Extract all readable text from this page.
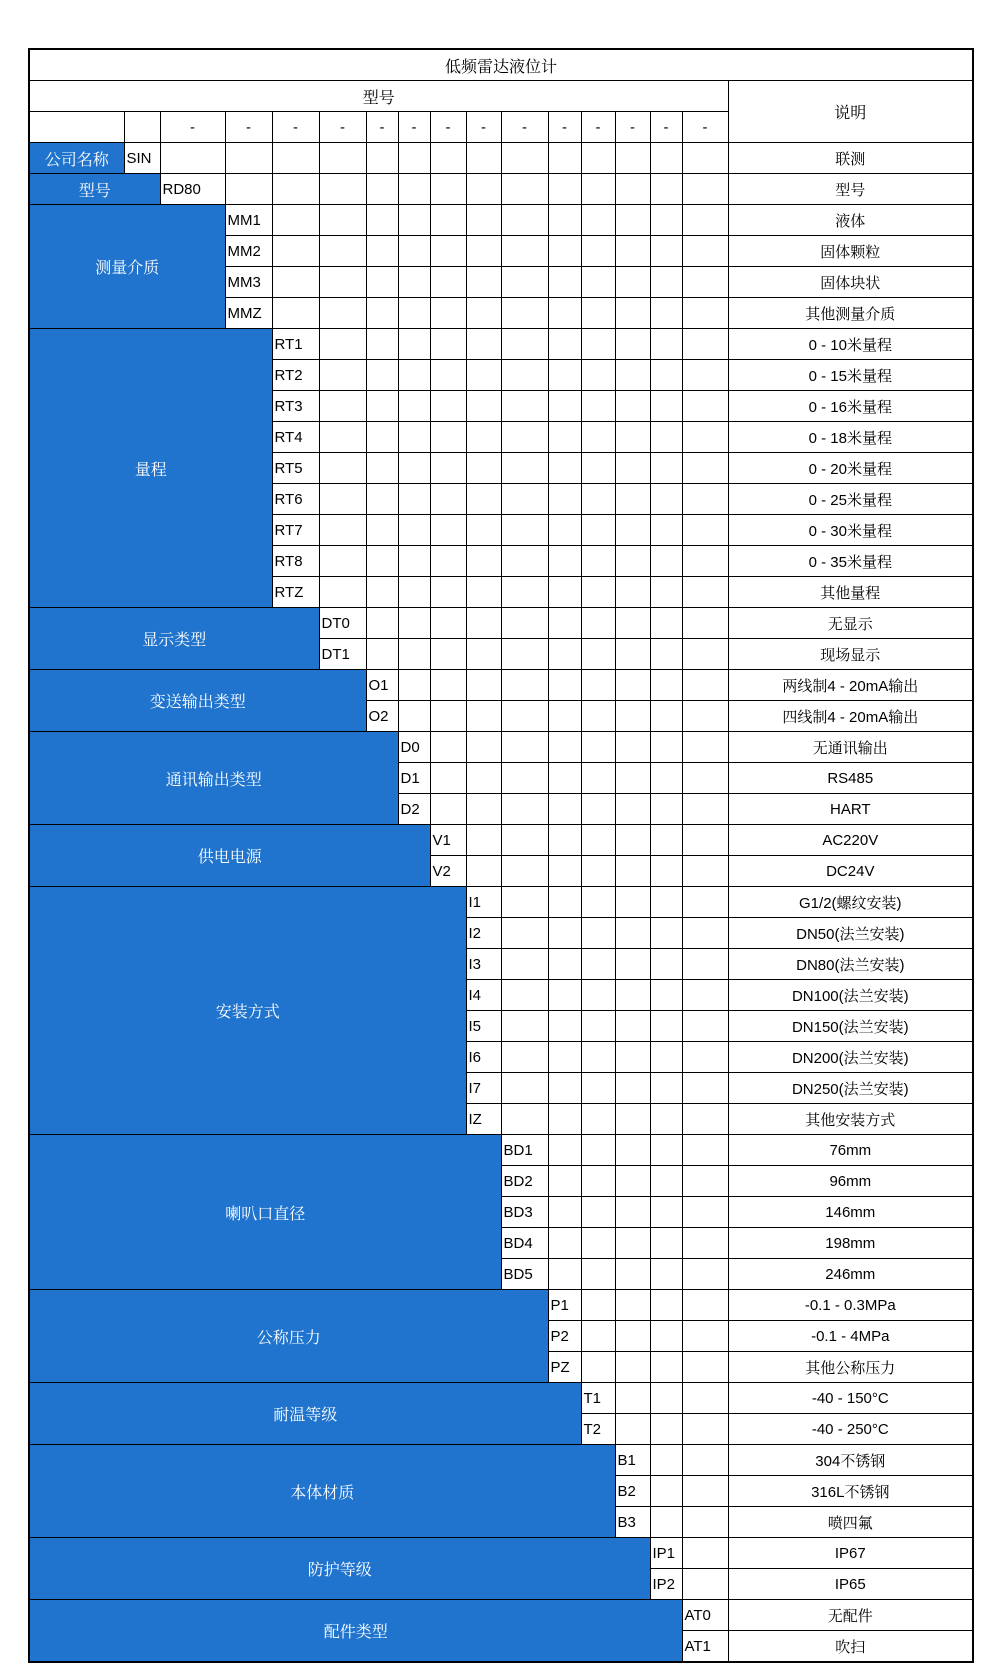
低频雷达液位计																
型号																说明
		-	-	-	-	-	-	-	-	-	-	-	-	-	-	
公司名称	SIN															联测
型号		RD80														型号
测量介质			MM1													液体
			MM2													固体颗粒
			MM3													固体块状
			MMZ													其他测量介质
量程				RT1												0 - 10米量程
				RT2												0 - 15米量程
				RT3												0 - 16米量程
				RT4												0 - 18米量程
				RT5												0 - 20米量程
				RT6												0 - 25米量程
				RT7												0 - 30米量程
				RT8												0 - 35米量程
				RTZ												其他量程
显示类型					DT0											无显示
					DT1											现场显示
变送输出类型						O1										两线制4 - 20mA输出
						O2										四线制4 - 20mA输出
通讯输出类型							D0									无通讯输出
							D1									RS485
							D2									HART
供电电源								V1								AC220V
								V2								DC24V
安装方式									I1							G1/2(螺纹安装)
									I2							DN50(法兰安装)
									I3							DN80(法兰安装)
									I4							DN100(法兰安装)
									I5							DN150(法兰安装)
									I6							DN200(法兰安装)
									I7							DN250(法兰安装)
									IZ							其他安装方式
喇叭口直径										BD1						76mm
										BD2						96mm
										BD3						146mm
										BD4						198mm
										BD5						246mm
公称压力											P1					-0.1 - 0.3MPa
											P2					-0.1 - 4MPa
											PZ					其他公称压力
耐温等级												T1				-40 - 150°C
												T2				-40 - 250°C
本体材质													B1			304不锈钢
													B2			316L不锈钢
													B3			喷四氟
防护等级														IP1		IP67
														IP2		IP65
配件类型															AT0	无配件
															AT1	吹扫
